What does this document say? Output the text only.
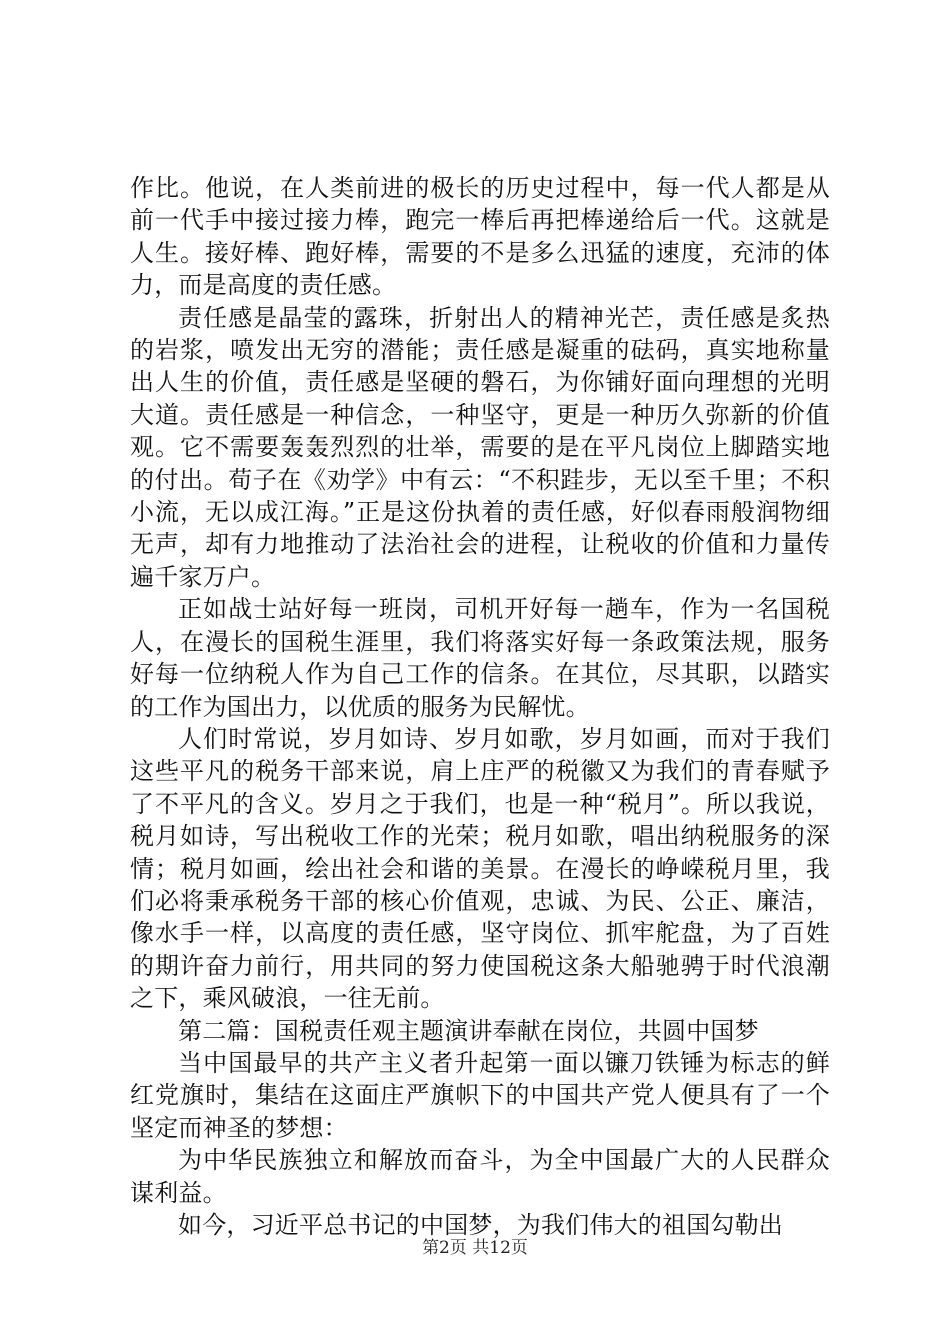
作比。他说，在人类前进的极长的历史过程中，每一代人都是从前一代手中接过接力棒，跑完一棒后再把棒递给后一代。这就是人生。接好棒、跑好棒，需要的不是多么迅猛的速度，充沛的体力，而是高度的责任感。

责任感是晶莹的露珠，折射出人的精神光芒，责任感是炙热的岩浆，喷发出无穷的潜能；责任感是凝重的砝码，真实地称量出人生的价值，责任感是坚硬的磐石，为你铺好面向理想的光明大道。责任感是一种信念，一种坚守，更是一种历久弥新的价值观。它不需要轰轰烈烈的壮举，需要的是在平凡岗位上脚踏实地的付出。荀子在《劝学》中有云：“不积跬步，无以至千里；不积小流，无以成江海。”正是这份执着的责任感，好似春雨般润物细无声，却有力地推动了法治社会的进程，让税收的价值和力量传遍千家万户。

正如战士站好每一班岗，司机开好每一趟车，作为一名国税人，在漫长的国税生涯里，我们将落实好每一条政策法规，服务好每一位纳税人作为自己工作的信条。在其位，尽其职，以踏实的工作为国出力，以优质的服务为民解忧。

人们时常说，岁月如诗、岁月如歌，岁月如画，而对于我们这些平凡的税务干部来说，肩上庄严的税徽又为我们的青春赋予了不平凡的含义。岁月之于我们，也是一种“税月”。所以我说，税月如诗，写出税收工作的光荣；税月如歌，唱出纳税服务的深情；税月如画，绘出社会和谐的美景。在漫长的峥嵘税月里，我们必将秉承税务干部的核心价值观，忠诚、为民、公正、廉洁，像水手一样，以高度的责任感，坚守岗位、抓牢舵盘，为了百姓的期许奋力前行，用共同的努力使国税这条大船驰骋于时代浪潮之下，乘风破浪，一往无前。

第二篇：国税责任观主题演讲奉献在岗位，共圆中国梦

当中国最早的共产主义者升起第一面以镰刀铁锤为标志的鲜红党旗时，集结在这面庄严旗帜下的中国共产党人便具有了一个坚定而神圣的梦想：

为中华民族独立和解放而奋斗，为全中国最广大的人民群众谋利益。

如今，习近平总书记的中国梦，为我们伟大的祖国勾勒出

第2页 共12页
